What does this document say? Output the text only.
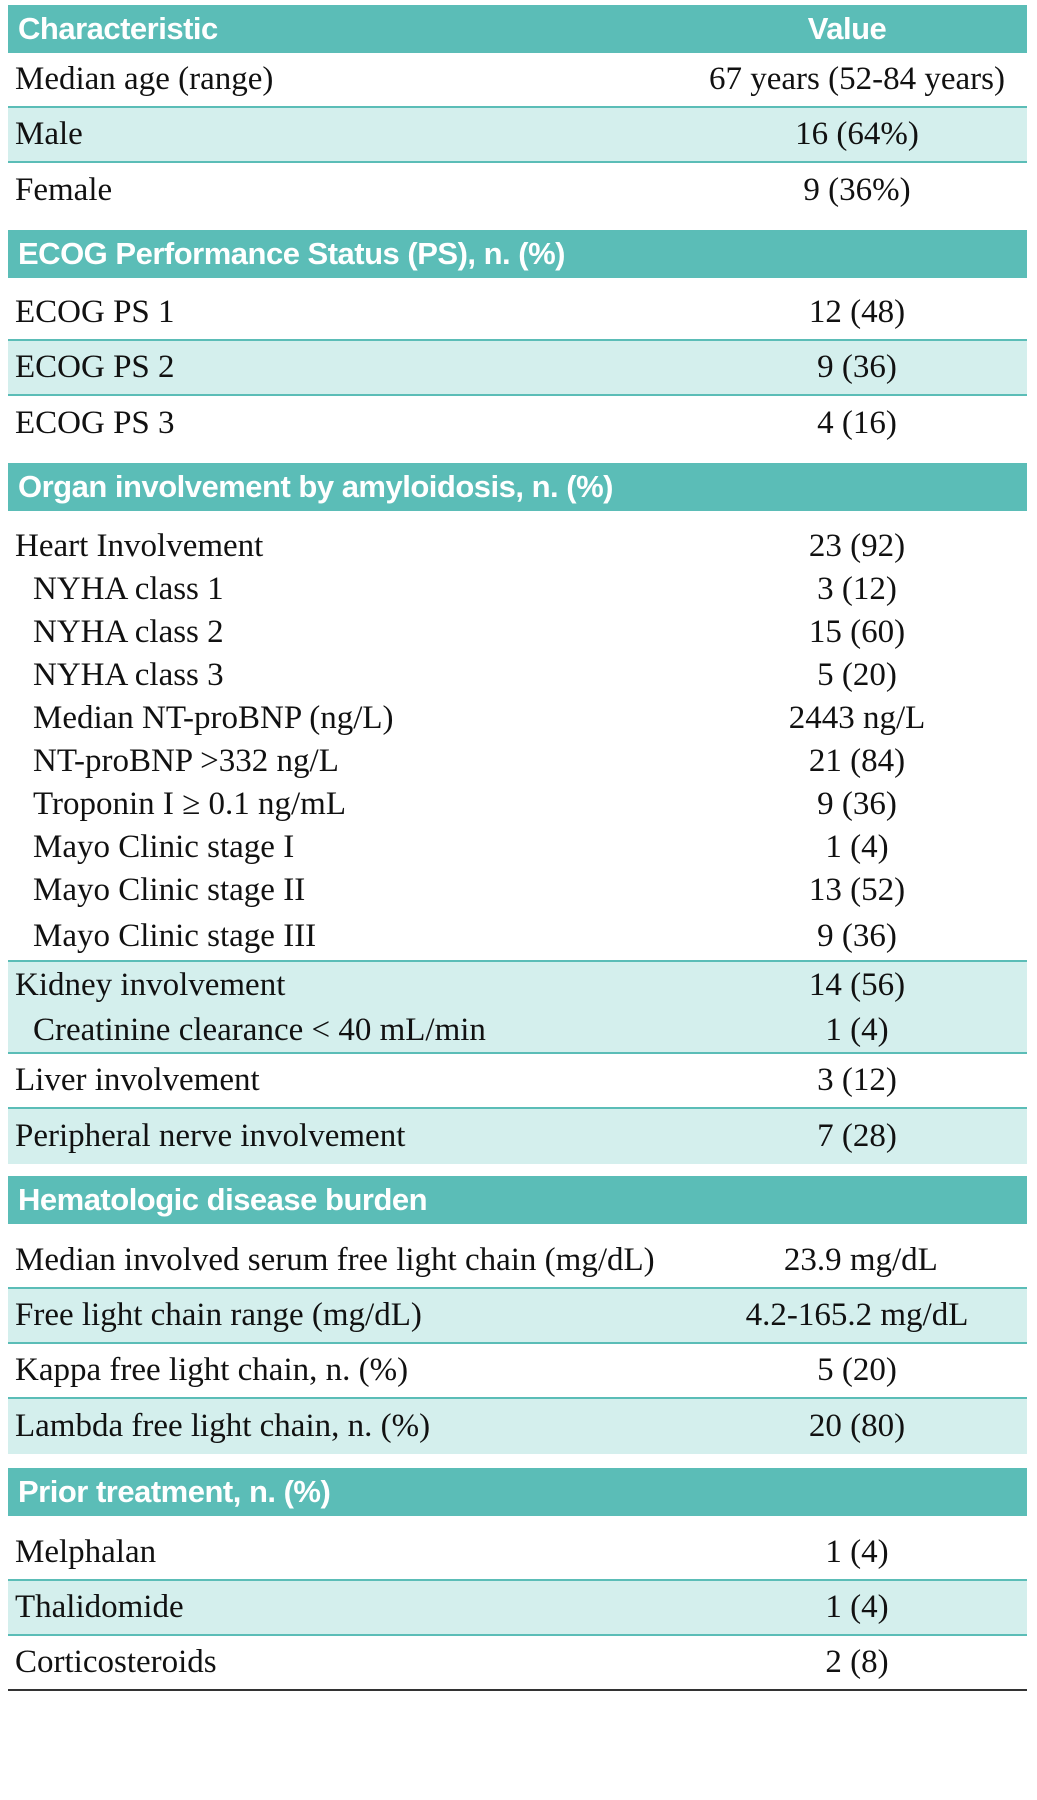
Characteristic	Value
Median age (range)	67 years (52-84 years)
Male	16 (64%)
Female	9 (36%)
ECOG Performance Status (PS), n. (%)
ECOG PS 1	12 (48)
ECOG PS 2	9 (36)
ECOG PS 3	4 (16)
Organ involvement by amyloidosis, n. (%)
Heart Involvement	23 (92)
NYHA class 1	3 (12)
NYHA class 2	15 (60)
NYHA class 3	5 (20)
Median NT-proBNP (ng/L)	2443 ng/L
NT-proBNP >332 ng/L	21 (84)
Troponin I ≥ 0.1 ng/mL	9 (36)
Mayo Clinic stage I	1 (4)
Mayo Clinic stage II	13 (52)
Mayo Clinic stage III	9 (36)
Kidney involvement	14 (56)
Creatinine clearance < 40 mL/min	1 (4)
Liver involvement	3 (12)
Peripheral nerve involvement	7 (28)
Hematologic disease burden
Median involved serum free light chain (mg/dL)	23.9 mg/dL
Free light chain range (mg/dL)	4.2-165.2 mg/dL
Kappa free light chain, n. (%)	5 (20)
Lambda free light chain, n. (%)	20 (80)
Prior treatment, n. (%)
Melphalan	1 (4)
Thalidomide	1 (4)
Corticosteroids	2 (8)
